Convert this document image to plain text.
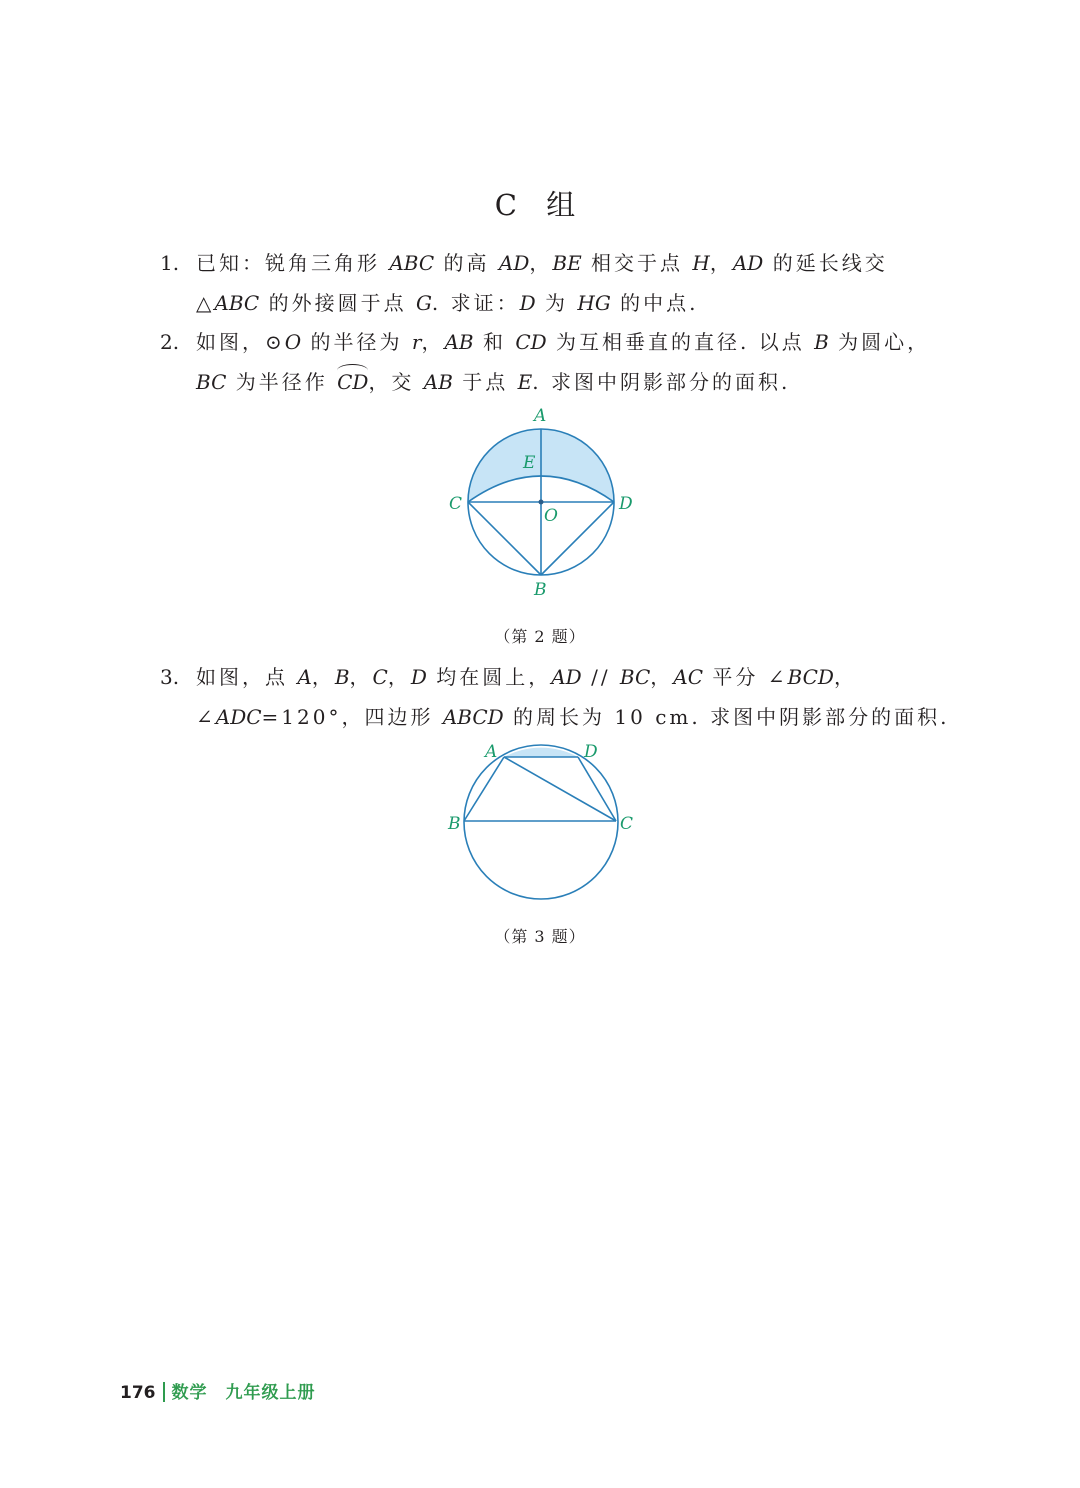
C 组
1. 已知：锐角三角形 ABC 的高 AD，BE 相交于点 H，AD 的延长线交
△ABC 的外接圆于点 G. 求证：D 为 HG 的中点.
2. 如图，⊙O 的半径为 r，AB 和 CD 为互相垂直的直径. 以点 B 为圆心，
BC 为半径作 CD，交 AB 于点 E. 求图中阴影部分的面积.
A
E
C	D
O
B
（第 2 题）
3. 如图，点 A，B，C，D 均在圆上，AD // BC，AC 平分 ∠BCD，
∠ADC=120°，四边形 ABCD 的周长为 10 cm. 求图中阴影部分的面积.
A	D
B	C
（第 3 题）
176 数学　九年级上册
